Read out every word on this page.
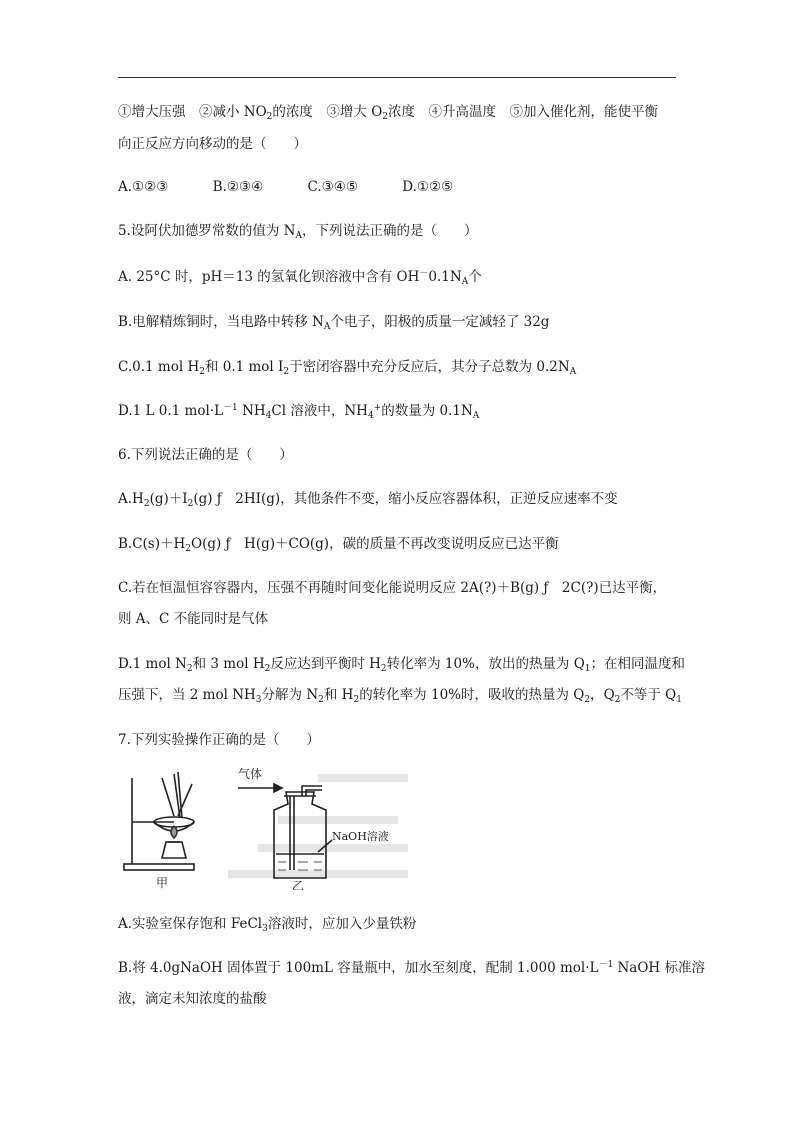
①增大压强　②减小 $NO_2$的浓度　③增大 $O_2$浓度　④升高温度　⑤加入催化剂，能使平衡
向正反应方向移动的是（　　）
A.①②③	B.②③④	C.③④⑤	D.①②⑤
5.设阿伏加德罗常数的值为 $N_A$，下列说法正确的是（　　）
A. 25°C 时，pH＝13 的氢氧化钡溶液中含有 $OH^-0.1N_A$个
B.电解精炼铜时，当电路中转移 $N_A$个电子，阳极的质量一定减轻了 32g
C.0.1 mol $H_2$和 0.1 mol $I_2$于密闭容器中充分反应后，其分子总数为 $0.2N_A$
D.1 L 0.1 $mol\cdot L^{-1}$ $NH_4Cl$ 溶液中，$NH_4^+$的数量为 $0.1N_A$
6.下列说法正确的是（　　）
$A.H_2(g)+I_2(g)$ ƒ　2HI(g)，其他条件不变，缩小反应容器体积，正逆反应速率不变
$B.C(s)+H_2O(g)$ ƒ　H(g)＋CO(g)，碳的质量不再改变说明反应已达平衡
C.若在恒温恒容容器内，压强不再随时间变化能说明反应 2A(?)＋B(g) ƒ　2C(?)已达平衡，
则 A、C 不能同时是气体
D.1 mol $N_2$和 3 mol $H_2$反应达到平衡时 $H_2$转化率为 10%，放出的热量为 $Q_1$；在相同温度和
压强下，当 2 mol $NH_3$分解为 $N_2$和 $H_2$的转化率为 10%时，吸收的热量为 $Q_2$，$Q_2$不等于 $Q_1$
7.下列实验操作正确的是（　　）
甲
气体
NaOH溶液
乙
A.实验室保存饱和 FeCl$_3$溶液时，应加入少量铁粉
B.将 4.0gNaOH 固体置于 100mL 容量瓶中，加水至刻度，配制 1.000 $mol\cdot L^{-1}$ NaOH 标准溶
液，滴定未知浓度的盐酸
